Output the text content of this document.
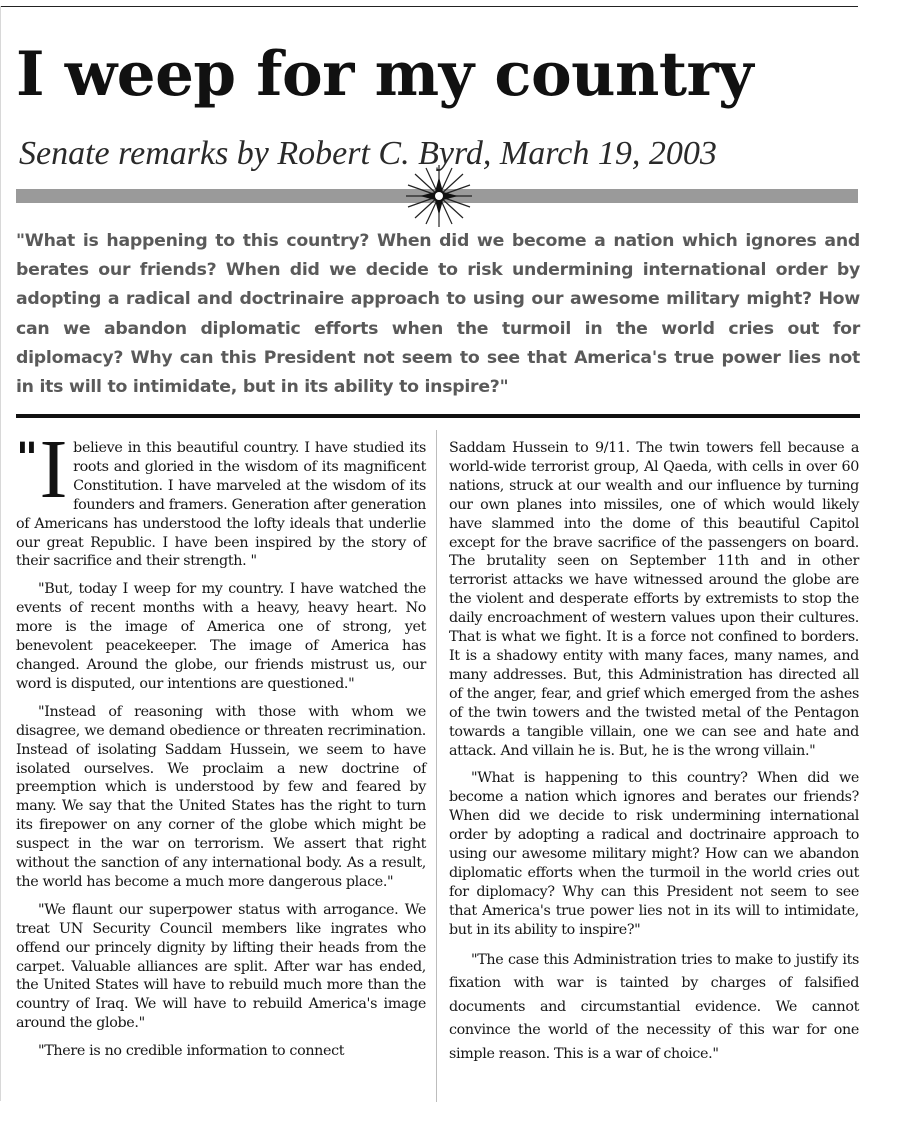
I weep for my country
Senate remarks by Robert C. Byrd, March 19, 2003

"What is happening to this country? When did we become a nation which ignores and berates our friends? When did we decide to risk undermining international order by adopting a radical and doctrinaire approach to using our awesome military might? How can we abandon diplomatic efforts when the turmoil in the world cries out for diplomacy? Why can this President not seem to see that America's true power lies not in its will to intimidate, but in its ability to inspire?"

" I believe in this beautiful country. I have studied its roots and gloried in the wisdom of its magnificent Constitution. I have marveled at the wisdom of its founders and framers. Generation after generation of Americans has understood the lofty ideals that underlie our great Republic. I have been inspired by the story of their sacrifice and their strength. "

"But, today I weep for my country. I have watched the events of recent months with a heavy, heavy heart. No more is the image of America one of strong, yet benevolent peacekeeper. The image of America has changed. Around the globe, our friends mistrust us, our word is disputed, our intentions are questioned."

"Instead of reasoning with those with whom we disagree, we demand obedience or threaten recrimination. Instead of isolating Saddam Hussein, we seem to have isolated ourselves. We proclaim a new doctrine of preemption which is understood by few and feared by many. We say that the United States has the right to turn its firepower on any corner of the globe which might be suspect in the war on terrorism. We assert that right without the sanction of any international body. As a result, the world has become a much more dangerous place."

"We flaunt our superpower status with arrogance. We treat UN Security Council members like ingrates who offend our princely dignity by lifting their heads from the carpet. Valuable alliances are split. After war has ended, the United States will have to rebuild much more than the country of Iraq. We will have to rebuild America's image around the globe."

"There is no credible information to connect

Saddam Hussein to 9/11. The twin towers fell because a world-wide terrorist group, Al Qaeda, with cells in over 60 nations, struck at our wealth and our influence by turning our own planes into missiles, one of which would likely have slammed into the dome of this beautiful Capitol except for the brave sacrifice of the passengers on board. The brutality seen on September 11th and in other terrorist attacks we have witnessed around the globe are the violent and desperate efforts by extremists to stop the daily encroachment of western values upon their cultures. That is what we fight. It is a force not confined to borders. It is a shadowy entity with many faces, many names, and many addresses. But, this Administration has directed all of the anger, fear, and grief which emerged from the ashes of the twin towers and the twisted metal of the Pentagon towards a tangible villain, one we can see and hate and attack. And villain he is. But, he is the wrong villain."

"What is happening to this country? When did we become a nation which ignores and berates our friends? When did we decide to risk undermining international order by adopting a radical and doctrinaire approach to using our awesome military might? How can we abandon diplomatic efforts when the turmoil in the world cries out for diplomacy? Why can this President not seem to see that America's true power lies not in its will to intimidate, but in its ability to inspire?"

"The case this Administration tries to make to justify its fixation with war is tainted by charges of falsified documents and circumstantial evidence. We cannot convince the world of the necessity of this war for one simple reason. This is a war of choice."
